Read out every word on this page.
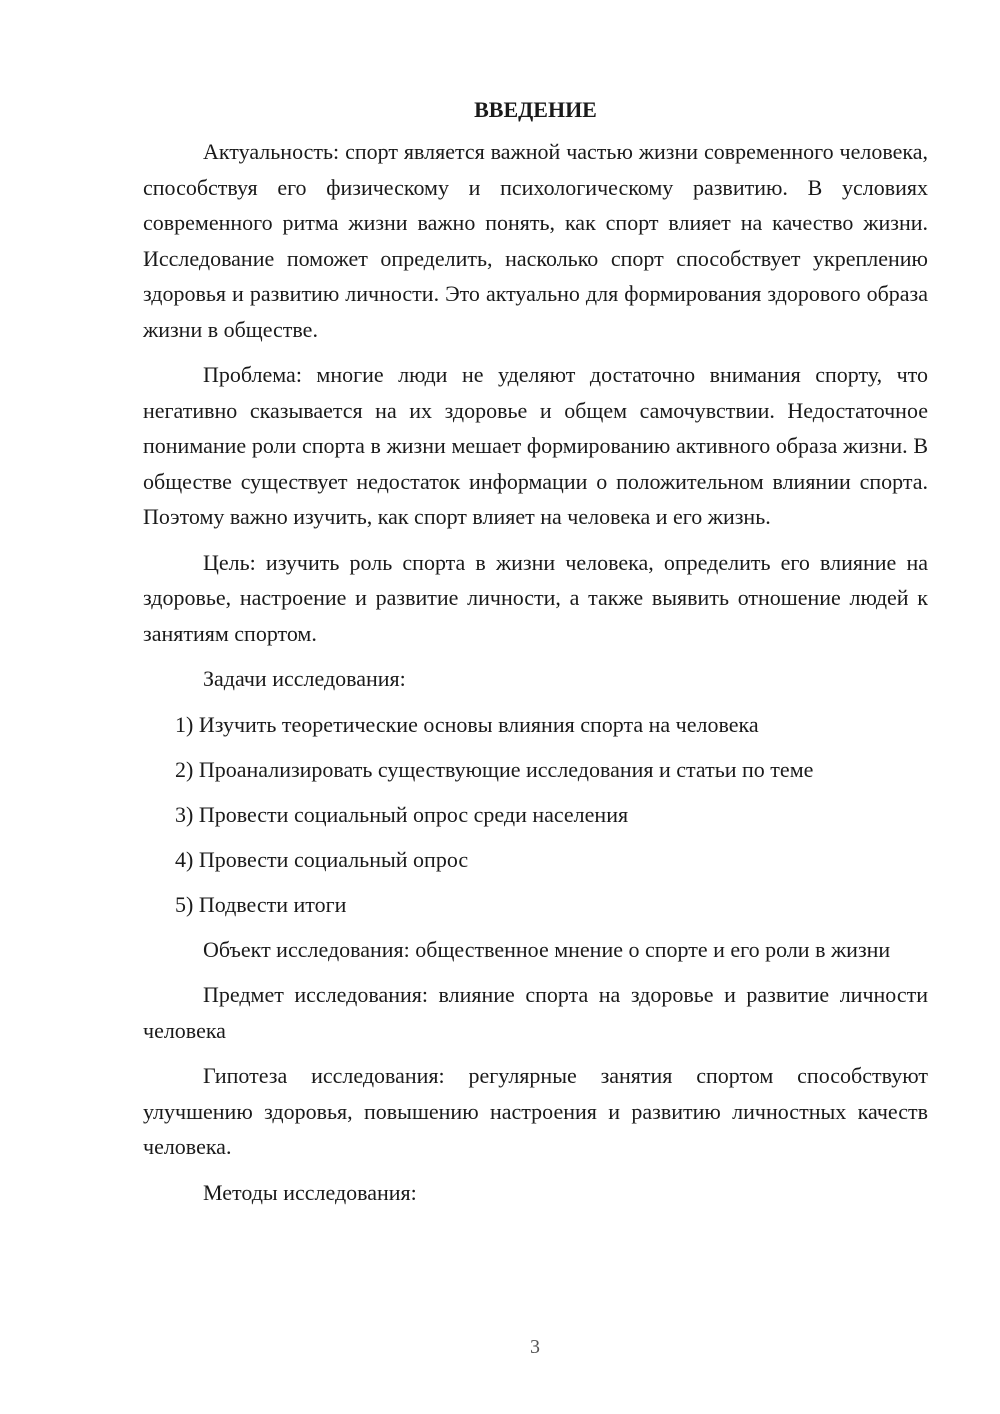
ВВЕДЕНИЕ

Актуальность: спорт является важной частью жизни современного человека, способствуя его физическому и психологическому развитию. В условиях современного ритма жизни важно понять, как спорт влияет на качество жизни. Исследование поможет определить, насколько спорт способствует укреплению здоровья и развитию личности. Это актуально для формирования здорового образа жизни в обществе.

Проблема: многие люди не уделяют достаточно внимания спорту, что негативно сказывается на их здоровье и общем самочувствии. Недостаточное понимание роли спорта в жизни мешает формированию активного образа жизни. В обществе существует недостаток информации о положительном влиянии спорта. Поэтому важно изучить, как спорт влияет на человека и его жизнь.

Цель: изучить роль спорта в жизни человека, определить его влияние на здоровье, настроение и развитие личности, а также выявить отношение людей к занятиям спортом.

Задачи исследования:

1) Изучить теоретические основы влияния спорта на человека
2) Проанализировать существующие исследования и статьи по теме
3) Провести социальный опрос среди населения
4) Провести социальный опрос
5) Подвести итоги

Объект исследования: общественное мнение о спорте и его роли в жизни

Предмет исследования: влияние спорта на здоровье и развитие личности человека

Гипотеза исследования: регулярные занятия спортом способствуют улучшению здоровья, повышению настроения и развитию личностных качеств человека.

Методы исследования:

3
